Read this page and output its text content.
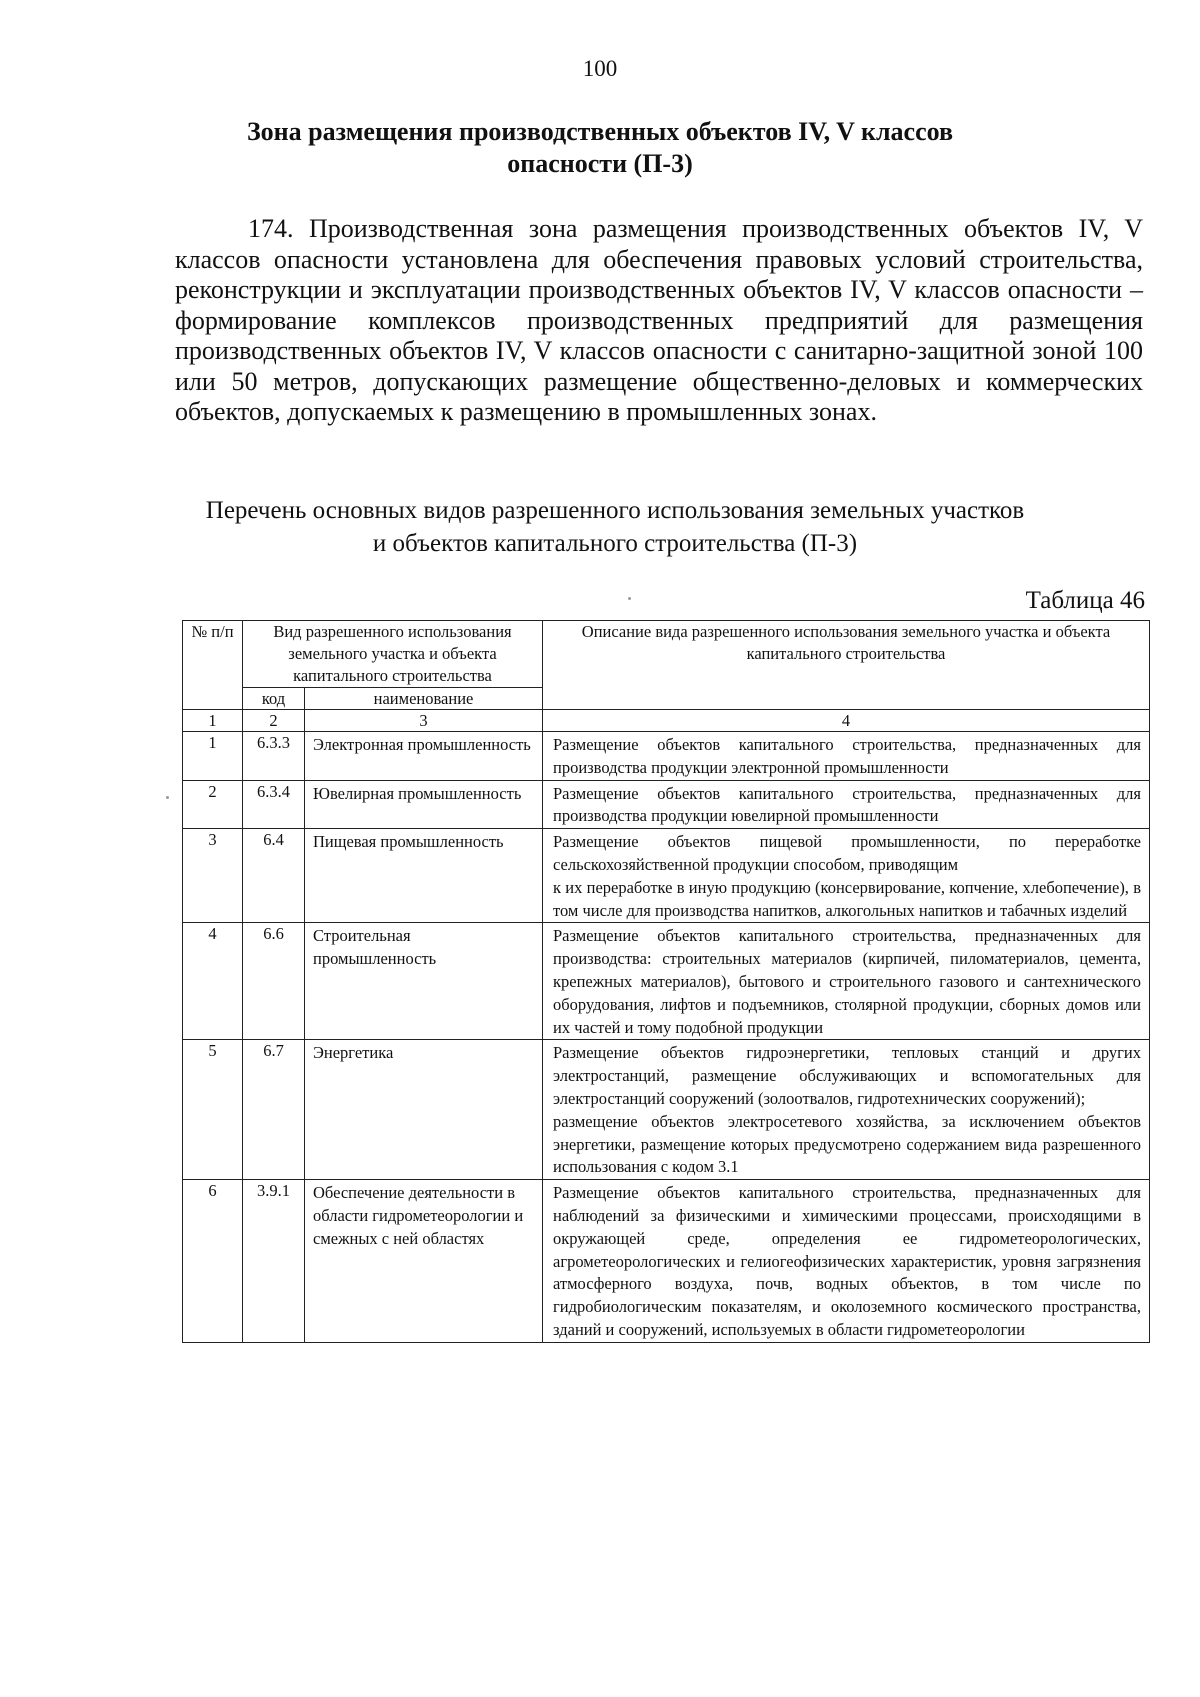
100
Зона размещения производственных объектов IV, V классов
опасности (П-3)

174. Производственная зона размещения производственных объектов IV, V классов опасности установлена для обеспечения правовых условий строительства, реконструкции и эксплуатации производственных объектов IV, V классов опасности – формирование комплексов производственных предприятий для размещения производственных объектов IV, V классов опасности с санитарно-защитной зоной 100 или 50 метров, допускающих размещение общественно-деловых и коммерческих объектов, допускаемых к размещению в промышленных зонах.

Перечень основных видов разрешенного использования земельных участков
и объектов капитального строительства (П-3)
Таблица 46
№ п/п	Вид разрешенного использования земельного участка и объекта капитального строительства		Описание вида разрешенного использования земельного участка и объекта капитального строительства
	код	наименование	
1	2	3	4
1	6.3.3	Электронная промышленность	Размещение объектов капитального строительства, предназначенных для производства продукции электронной промышленности

2	6.3.4	Ювелирная промышленность	Размещение объектов капитального строительства, предназначенных для производства продукции ювелирной промышленности

3	6.4	Пищевая промышленность	Размещение объектов пищевой промышленности, по переработке сельскохозяйственной продукции способом, приводящим
к их переработке в иную продукцию (консервирование, копчение, хлебопечение), в том числе для производства напитков, алкогольных напитков и табачных изделий

4	6.6	Строительная промышленность	Размещение объектов капитального строительства, предназначенных для производства: строительных материалов (кирпичей, пиломатериалов, цемента, крепежных материалов), бытового и строительного газового и сантехнического оборудования, лифтов и подъемников, столярной продукции, сборных домов или их частей и тому подобной продукции

5	6.7	Энергетика	Размещение объектов гидроэнергетики, тепловых станций и других электростанций, размещение обслуживающих и вспомогательных для электростанций сооружений (золоотвалов, гидротехнических сооружений);
размещение объектов электросетевого хозяйства, за исключением объектов энергетики, размещение которых предусмотрено содержанием вида разрешенного использования с кодом 3.1

6	3.9.1	Обеспечение деятельности в области гидрометеорологии и смежных с ней областях	Размещение объектов капитального строительства, предназначенных для наблюдений за физическими и химическими процессами, происходящими в окружающей среде, определения ее гидрометеорологических, агрометеорологических и гелиогеофизических характеристик, уровня загрязнения атмосферного воздуха, почв, водных объектов, в том числе по гидробиологическим показателям, и околоземного космического пространства, зданий и сооружений, используемых в области гидрометеорологии
